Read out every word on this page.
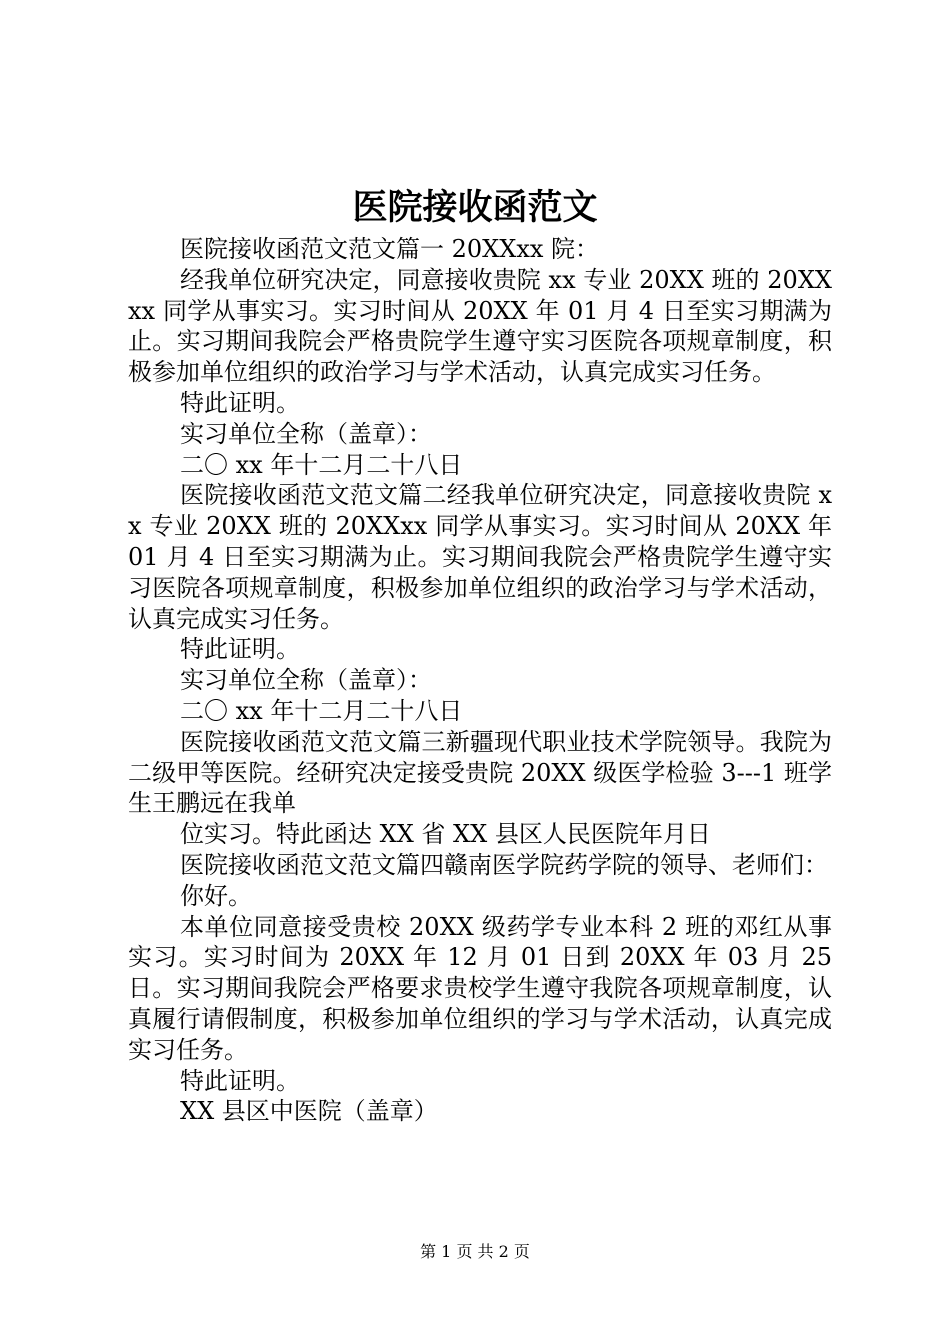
医院接收函范文

医院接收函范文范文篇一 20XXxx 院：

经我单位研究决定，同意接收贵院 xx 专业 20XX 班的 20XXxx 同学从事实习。实习时间从 20XX 年 01 月 4 日至实习期满为止。实习期间我院会严格贵院学生遵守实习医院各项规章制度，积极参加单位组织的政治学习与学术活动，认真完成实习任务。

特此证明。

实习单位全称（盖章）：

二〇 xx 年十二月二十八日

医院接收函范文范文篇二经我单位研究决定，同意接收贵院 xx 专业 20XX 班的 20XXxx 同学从事实习。实习时间从 20XX 年 01 月 4 日至实习期满为止。实习期间我院会严格贵院学生遵守实习医院各项规章制度，积极参加单位组织的政治学习与学术活动，认真完成实习任务。

特此证明。

实习单位全称（盖章）：

二〇 xx 年十二月二十八日

医院接收函范文范文篇三新疆现代职业技术学院领导。我院为二级甲等医院。经研究决定接受贵院 20XX 级医学检验 3---1 班学生王鹏远在我单

位实习。特此函达 XX 省 XX 县区人民医院年月日

医院接收函范文范文篇四赣南医学院药学院的领导、老师们：

你好。

本单位同意接受贵校 20XX 级药学专业本科 2 班的邓红从事实习。实习时间为 20XX 年 12 月 01 日到 20XX 年 03 月 25 日。实习期间我院会严格要求贵校学生遵守我院各项规章制度，认真履行请假制度，积极参加单位组织的学习与学术活动，认真完成实习任务。

特此证明。

XX 县区中医院（盖章）

第 1 页 共 2 页
